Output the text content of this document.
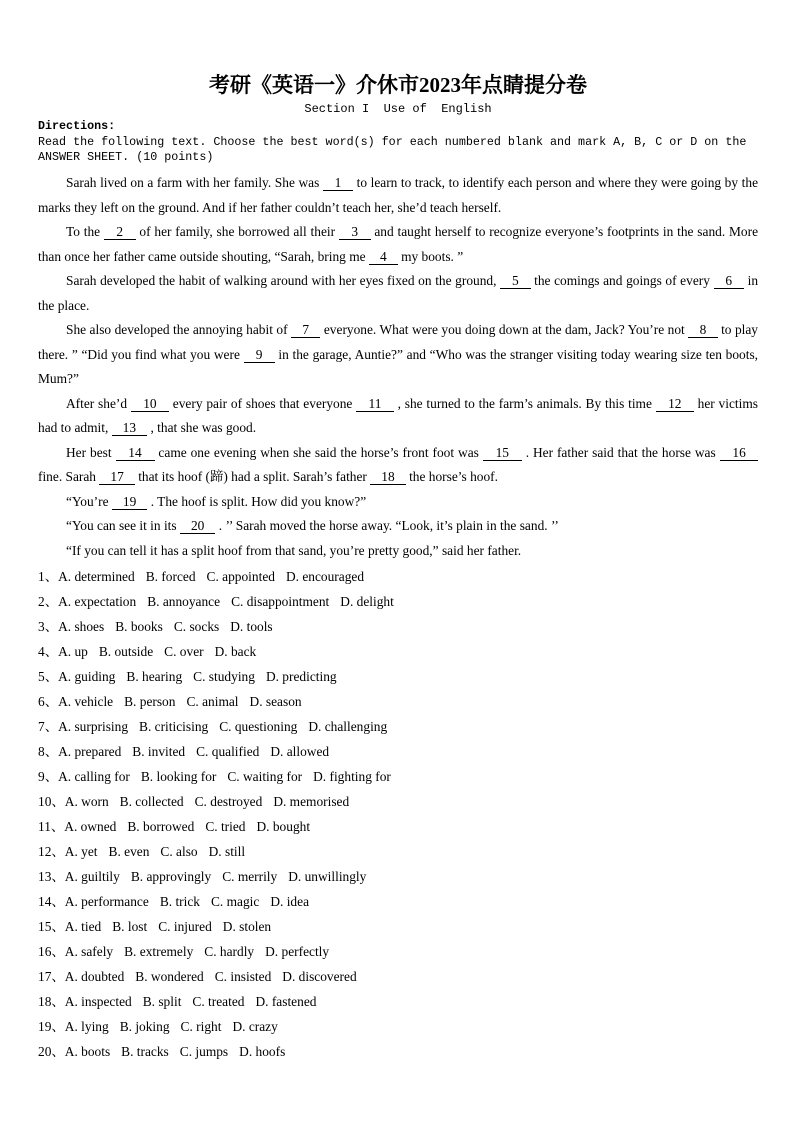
考研《英语一》介休市2023年点睛提分卷
Section I  Use of  English
Directions:
Read the following text. Choose the best word(s) for each numbered blank and mark A, B, C or D on the ANSWER SHEET. (10 points)

Sarah lived on a farm with her family. She was    1    to learn to track, to identify each person and where they were going by the marks they left on the ground. And if her father couldn’t teach her, she’d teach herself.

To the    2    of her family, she borrowed all their    3    and taught herself to recognize everyone’s footprints in the sand. More than once her father came outside shouting, “Sarah, bring me    4    my boots. ”

Sarah developed the habit of walking around with her eyes fixed on the ground,    5    the comings and goings of every    6    in the place.

She also developed the annoying habit of    7    everyone. What were you doing down at the dam, Jack? You’re not    8    to play there. ” “Did you find what you were    9    in the garage, Auntie?” and “Who was the stranger visiting today wearing size ten boots, Mum?”

After she’d    10    every pair of shoes that everyone    11    , she turned to the farm’s animals. By this time    12    her victims had to admit,    13    , that she was good.

Her best    14    came one evening when she said the horse’s front foot was    15    . Her father said that the horse was    16    fine. Sarah    17    that its hoof (蹄) had a split. Sarah’s father    18    the horse’s hoof.

“You’re    19    . The hoof is split. How did you know?”

“You can see it in its    20    . ’’ Sarah moved the horse away. “Look, it’s plain in the sand. ’’

“If you can tell it has a split hoof from that sand, you’re pretty good,” said her father.

1、A. determined B. forced C. appointed D. encouraged
2、A. expectation B. annoyance C. disappointment D. delight
3、A. shoes B. books C. socks D. tools
4、A. up B. outside C. over D. back
5、A. guiding B. hearing C. studying D. predicting
6、A. vehicle B. person C. animal D. season
7、A. surprising B. criticising C. questioning D. challenging
8、A. prepared B. invited C. qualified D. allowed
9、A. calling for B. looking for C. waiting for D. fighting for
10、A. worn B. collected C. destroyed D. memorised
11、A. owned B. borrowed C. tried D. bought
12、A. yet B. even C. also D. still
13、A. guiltily B. approvingly C. merrily D. unwillingly
14、A. performance B. trick C. magic D. idea
15、A. tied B. lost C. injured D. stolen
16、A. safely B. extremely C. hardly D. perfectly
17、A. doubted B. wondered C. insisted D. discovered
18、A. inspected B. split C. treated D. fastened
19、A. lying B. joking C. right D. crazy
20、A. boots B. tracks C. jumps D. hoofs
